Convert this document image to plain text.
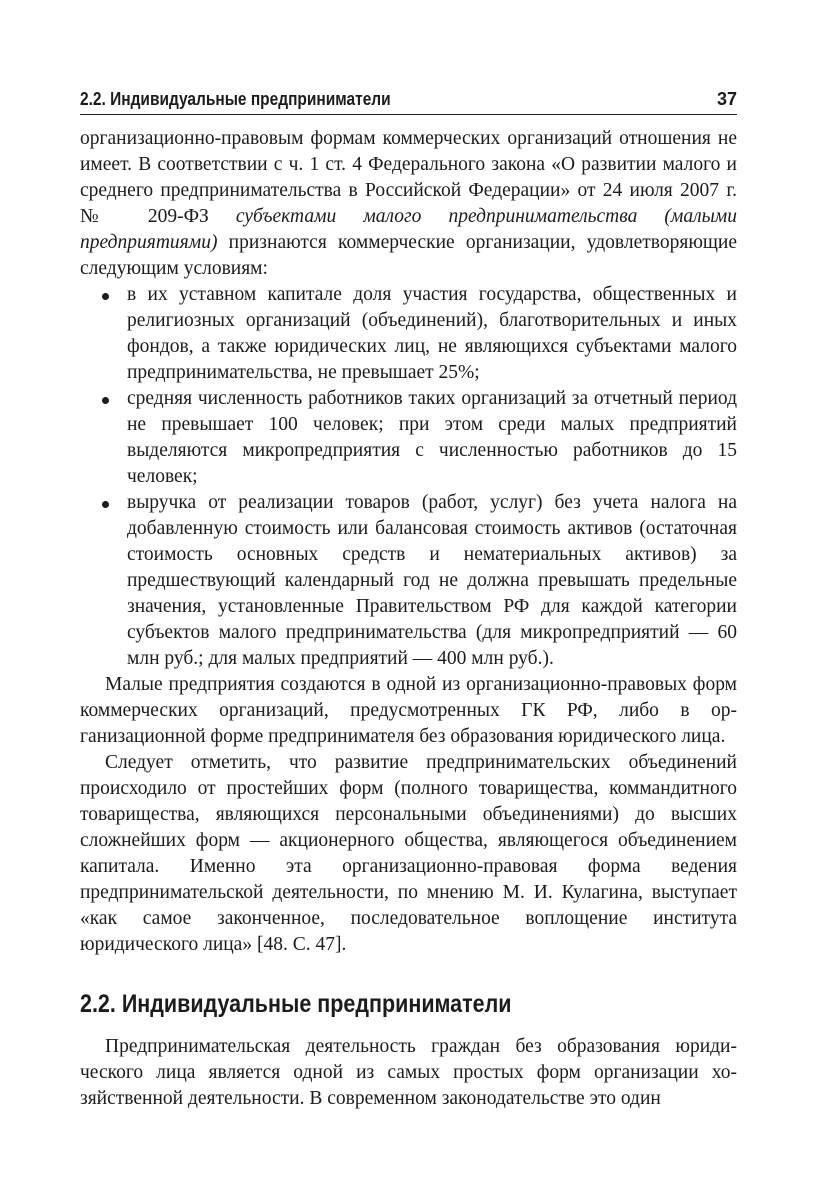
2.2. Индивидуальные предприниматели	37

организационно-правовым формам коммерческих организаций отношения не имеет. В соответствии с ч. 1 ст. 4 Федерального закона «О развитии малого и среднего предпринимательства в Российской Федерации» от 24 июля 2007 г. № 209-ФЗ субъектами малого предпринимательства (малыми предприятиями) признаются коммерческие организации, удовлетворяющие следующим условиям:

в их уставном капитале доля участия государства, общественных и религиозных организаций (объединений), благотворительных и иных фондов, а также юридических лиц, не являющихся субъектами малого предпринимательства, не превышает 25%;
средняя численность работников таких организаций за отчетный период не превышает 100 человек; при этом среди малых предприятий выделяются микропредприятия с численностью работников до 15 человек;
выручка от реализации товаров (работ, услуг) без учета налога на добавленную стоимость или балансовая стоимость активов (остаточная стоимость основных средств и нематериальных активов) за предшествующий календарный год не должна превышать предельные значения, установленные Правительством РФ для каждой категории субъектов малого предпринимательства (для микропредприятий — 60 млн руб.; для малых предприятий — 400 млн руб.).

Малые предприятия создаются в одной из организационно-правовых форм коммерческих организаций, предусмотренных ГК РФ, либо в организационной форме предпринимателя без образования юридического лица.

Следует отметить, что развитие предпринимательских объединений происходило от простейших форм (полного товарищества, коммандитного товарищества, являющихся персональными объединениями) до высших сложнейших форм — акционерного общества, являющегося объединением капитала. Именно эта организационно-правовая форма ведения предпринимательской деятельности, по мнению М. И. Кулагина, выступает «как самое законченное, последовательное воплощение института юридического лица» [48. С. 47].

2.2. Индивидуальные предприниматели

Предпринимательская деятельность граждан без образования юридического лица является одной из самых простых форм организации хозяйственной деятельности. В современном законодательстве это один
